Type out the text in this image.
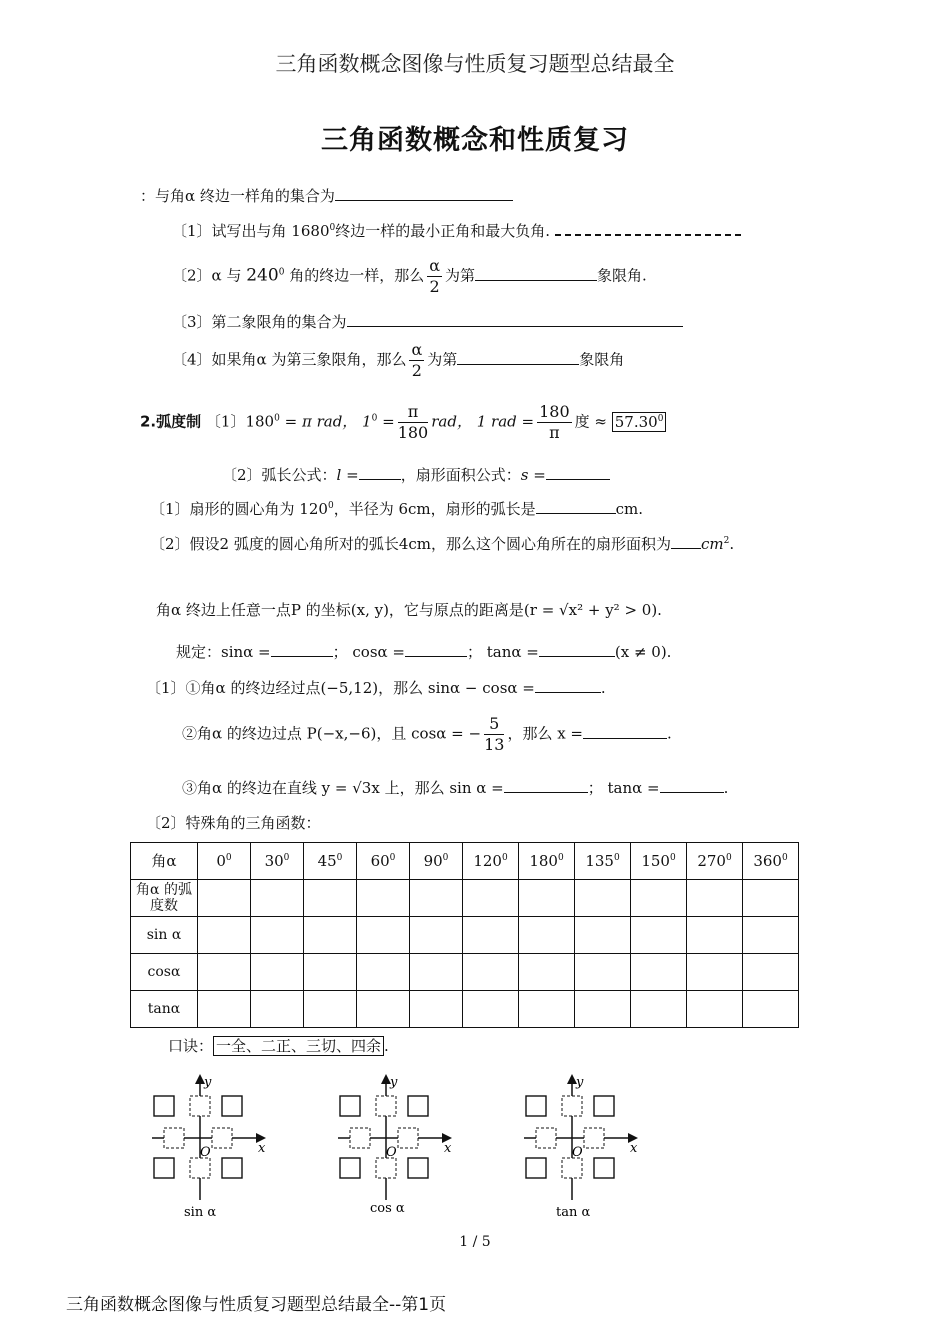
三角函数概念图像与性质复习题型总结最全
三角函数概念和性质复习
：与角α 终边一样角的集合为
〔1〕试写出与角 1680$^0$终边一样的最小正角和最大负角.
〔2〕α 与 $240^0$ 角的终边一样，那么 $\frac{\alpha}{2}$ 为第	象限角.
〔3〕第二象限角的集合为
〔4〕如果角α 为第三象限角，那么 $\frac{\alpha}{2}$ 为第	象限角
2.弧度制 〔1〕$180^0 = \pi$ rad， $1^0 = \frac{\pi}{180}$ rad， 1 rad = $\frac{180}{\pi}$ 度 ≈ $57.30^0$
〔2〕弧长公式：l =	，扇形面积公式：s =
〔1〕扇形的圆心角为 $120^0$，半径为 6cm，扇形的弧长是	cm.
〔2〕假设2 弧度的圆心角所对的弧长4cm，那么这个圆心角所在的扇形面积为 $cm^2$.
角α 终边上任意一点P 的坐标(x, y)，它与原点的距离是(r = √x² + y² > 0).
规定：sinα =	； cosα =	； tanα =	(x ≠ 0).
〔1〕①角α 的终边经过点(−5,12)，那么 sinα − cosα =	.
②角α 的终边过点 P(−x,−6)，且 cosα = − $\frac{5}{13}$ ，那么 x =	.
③角α 的终边在直线 y = √3x 上，那么 sin α =	； tanα =	.
〔2〕特殊角的三角函数：
角α	$0^0$	$30^0$	$45^0$	$60^0$	$90^0$	$120^0$	$180^0$	$135^0$	$150^0$	$270^0$	$360^0$
角α 的弧度数											
sin α											
cosα											
tanα											
口诀： 一全、二正、三切、四余 .
y
x
O
sin α
y
x
O
cos α
y
x
O
tan α
1 / 5
三角函数概念图像与性质复习题型总结最全--第1页
